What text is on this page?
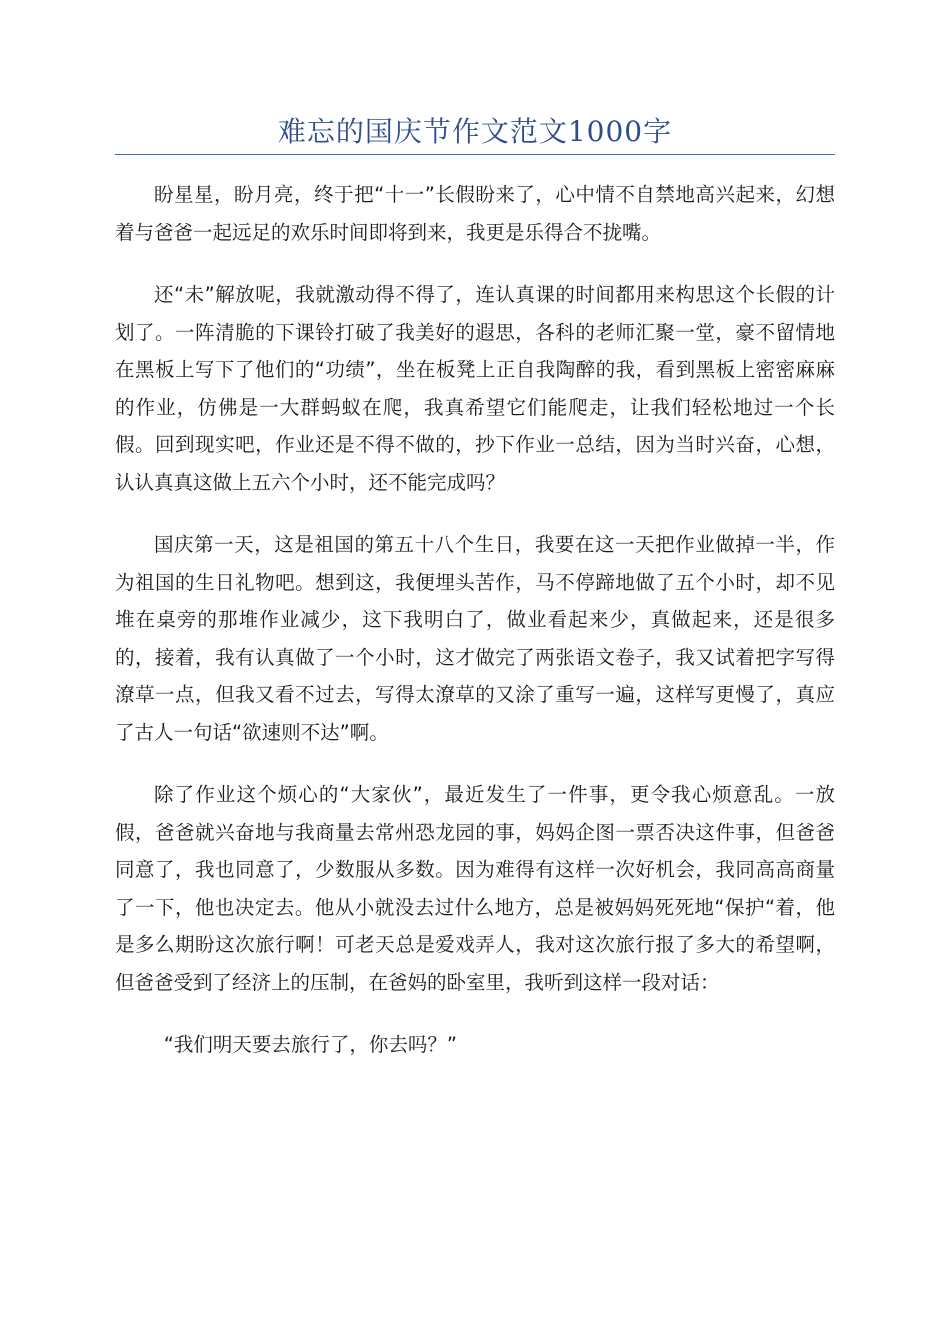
难忘的国庆节作文范文1000字

盼星星，盼月亮，终于把“十一”长假盼来了，心中情不自禁地高兴起来，幻想着与爸爸一起远足的欢乐时间即将到来，我更是乐得合不拢嘴。

还“未”解放呢，我就激动得不得了，连认真课的时间都用来构思这个长假的计划了。一阵清脆的下课铃打破了我美好的遐思，各科的老师汇聚一堂，豪不留情地在黑板上写下了他们的“功绩”，坐在板凳上正自我陶醉的我，看到黑板上密密麻麻的作业，仿佛是一大群蚂蚁在爬，我真希望它们能爬走，让我们轻松地过一个长假。回到现实吧，作业还是不得不做的，抄下作业一总结，因为当时兴奋，心想，认认真真这做上五六个小时，还不能完成吗？

国庆第一天，这是祖国的第五十八个生日，我要在这一天把作业做掉一半，作为祖国的生日礼物吧。想到这，我便埋头苦作，马不停蹄地做了五个小时，却不见堆在桌旁的那堆作业减少，这下我明白了，做业看起来少，真做起来，还是很多的，接着，我有认真做了一个小时，这才做完了两张语文卷子，我又试着把字写得潦草一点，但我又看不过去，写得太潦草的又涂了重写一遍，这样写更慢了，真应了古人一句话“欲速则不达”啊。

除了作业这个烦心的“大家伙”，最近发生了一件事，更令我心烦意乱。一放假，爸爸就兴奋地与我商量去常州恐龙园的事，妈妈企图一票否决这件事，但爸爸同意了，我也同意了，少数服从多数。因为难得有这样一次好机会，我同高高商量了一下，他也决定去。他从小就没去过什么地方，总是被妈妈死死地“保护“着，他是多么期盼这次旅行啊！可老天总是爱戏弄人，我对这次旅行报了多大的希望啊，但爸爸受到了经济上的压制，在爸妈的卧室里，我听到这样一段对话：

“我们明天要去旅行了，你去吗？”
